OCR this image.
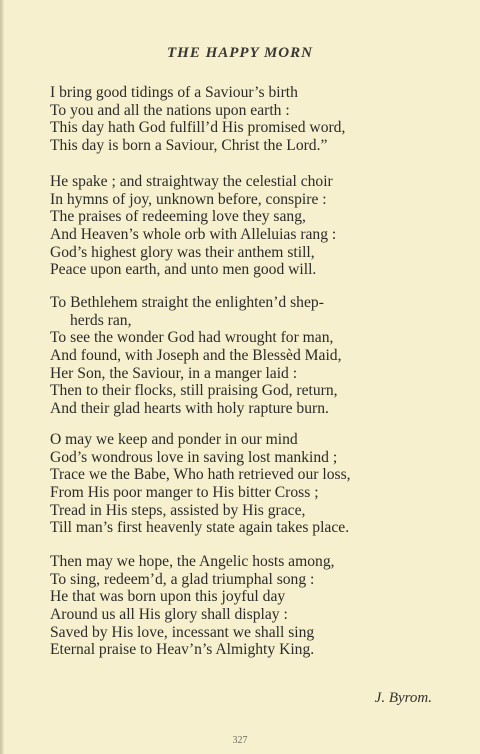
THE HAPPY MORN
I bring good tidings of a Saviour’s birth
To you and all the nations upon earth :
This day hath God fulfill’d His promised word,
This day is born a Saviour, Christ the Lord.”
He spake ; and straightway the celestial choir
In hymns of joy, unknown before, conspire :
The praises of redeeming love they sang,
And Heaven’s whole orb with Alleluias rang :
God’s highest glory was their anthem still,
Peace upon earth, and unto men good will.
To Bethlehem straight the enlighten’d shep-
herds ran,
To see the wonder God had wrought for man,
And found, with Joseph and the Blessèd Maid,
Her Son, the Saviour, in a manger laid :
Then to their flocks, still praising God, return,
And their glad hearts with holy rapture burn.
O may we keep and ponder in our mind
God’s wondrous love in saving lost mankind ;
Trace we the Babe, Who hath retrieved our loss,
From His poor manger to His bitter Cross ;
Tread in His steps, assisted by His grace,
Till man’s first heavenly state again takes place.
Then may we hope, the Angelic hosts among,
To sing, redeem’d, a glad triumphal song :
He that was born upon this joyful day
Around us all His glory shall display :
Saved by His love, incessant we shall sing
Eternal praise to Heav’n’s Almighty King.
J. Byrom.
327
